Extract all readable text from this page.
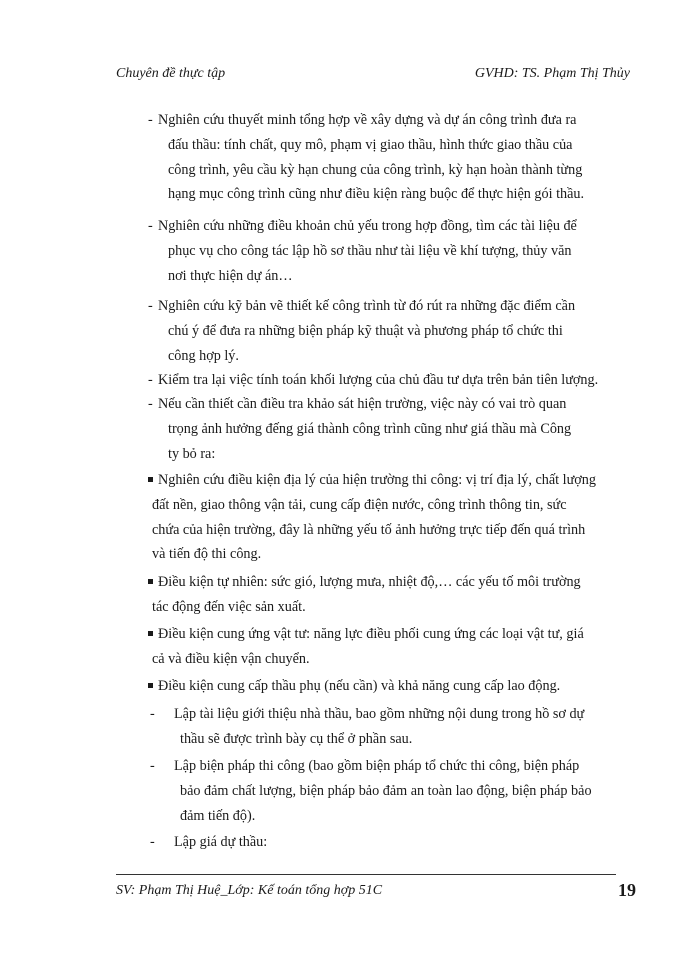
Chuyên đề thực tập	GVHD: TS. Phạm Thị Thủy
- Nghiên cứu thuyết minh tổng hợp về xây dựng và dự án công trình đưa ra
đấu thầu: tính chất, quy mô, phạm vị giao thầu, hình thức giao thầu của
công trình, yêu cầu kỳ hạn chung của công trình, kỳ hạn hoàn thành từng
hạng mục công trình cũng như điều kiện ràng buộc để thực hiện gói thầu.
- Nghiên cứu những điều khoản chủ yếu trong hợp đồng, tìm các tài liệu để
phục vụ cho công tác lập hồ sơ thầu như tài liệu về khí tượng, thủy văn
nơi thực hiện dự án…
- Nghiên cứu kỹ bản vẽ thiết kế công trình từ đó rút ra những đặc điểm cần
chú ý để đưa ra những biện pháp kỹ thuật và phương pháp tổ chức thi
công hợp lý.
- Kiểm tra lại việc tính toán khối lượng của chủ đầu tư dựa trên bản tiên lượng.
- Nếu cần thiết cần điều tra khảo sát hiện trường, việc này có vai trò quan
trọng ảnh hưởng đếng giá thành công trình cũng như giá thầu mà Công
ty bỏ ra:
Nghiên cứu điều kiện địa lý của hiện trường thi công: vị trí địa lý, chất lượng
đất nền, giao thông vận tải, cung cấp điện nước, công trình thông tin, sức
chứa của hiện trường, đây là những yếu tố ảnh hưởng trực tiếp đến quá trình
và tiến độ thi công.
Điều kiện tự nhiên: sức gió, lượng mưa, nhiệt độ,… các yếu tố môi trường
tác động đến việc sản xuất.
Điều kiện cung ứng vật tư: năng lực điều phối cung ứng các loại vật tư, giá
cả và điều kiện vận chuyển.
Điều kiện cung cấp thầu phụ (nếu cần) và khả năng cung cấp lao động.
- Lập tài liệu giới thiệu nhà thầu, bao gồm những nội dung trong hồ sơ dự
thầu sẽ được trình bày cụ thể ở phần sau.
- Lập biện pháp thi công (bao gồm biện pháp tổ chức thi công, biện pháp
bảo đảm chất lượng, biện pháp bảo đảm an toàn lao động, biện pháp bảo
đảm tiến độ).
- Lập giá dự thầu:
SV: Phạm Thị Huệ_Lớp: Kế toán tổng hợp 51C	19
